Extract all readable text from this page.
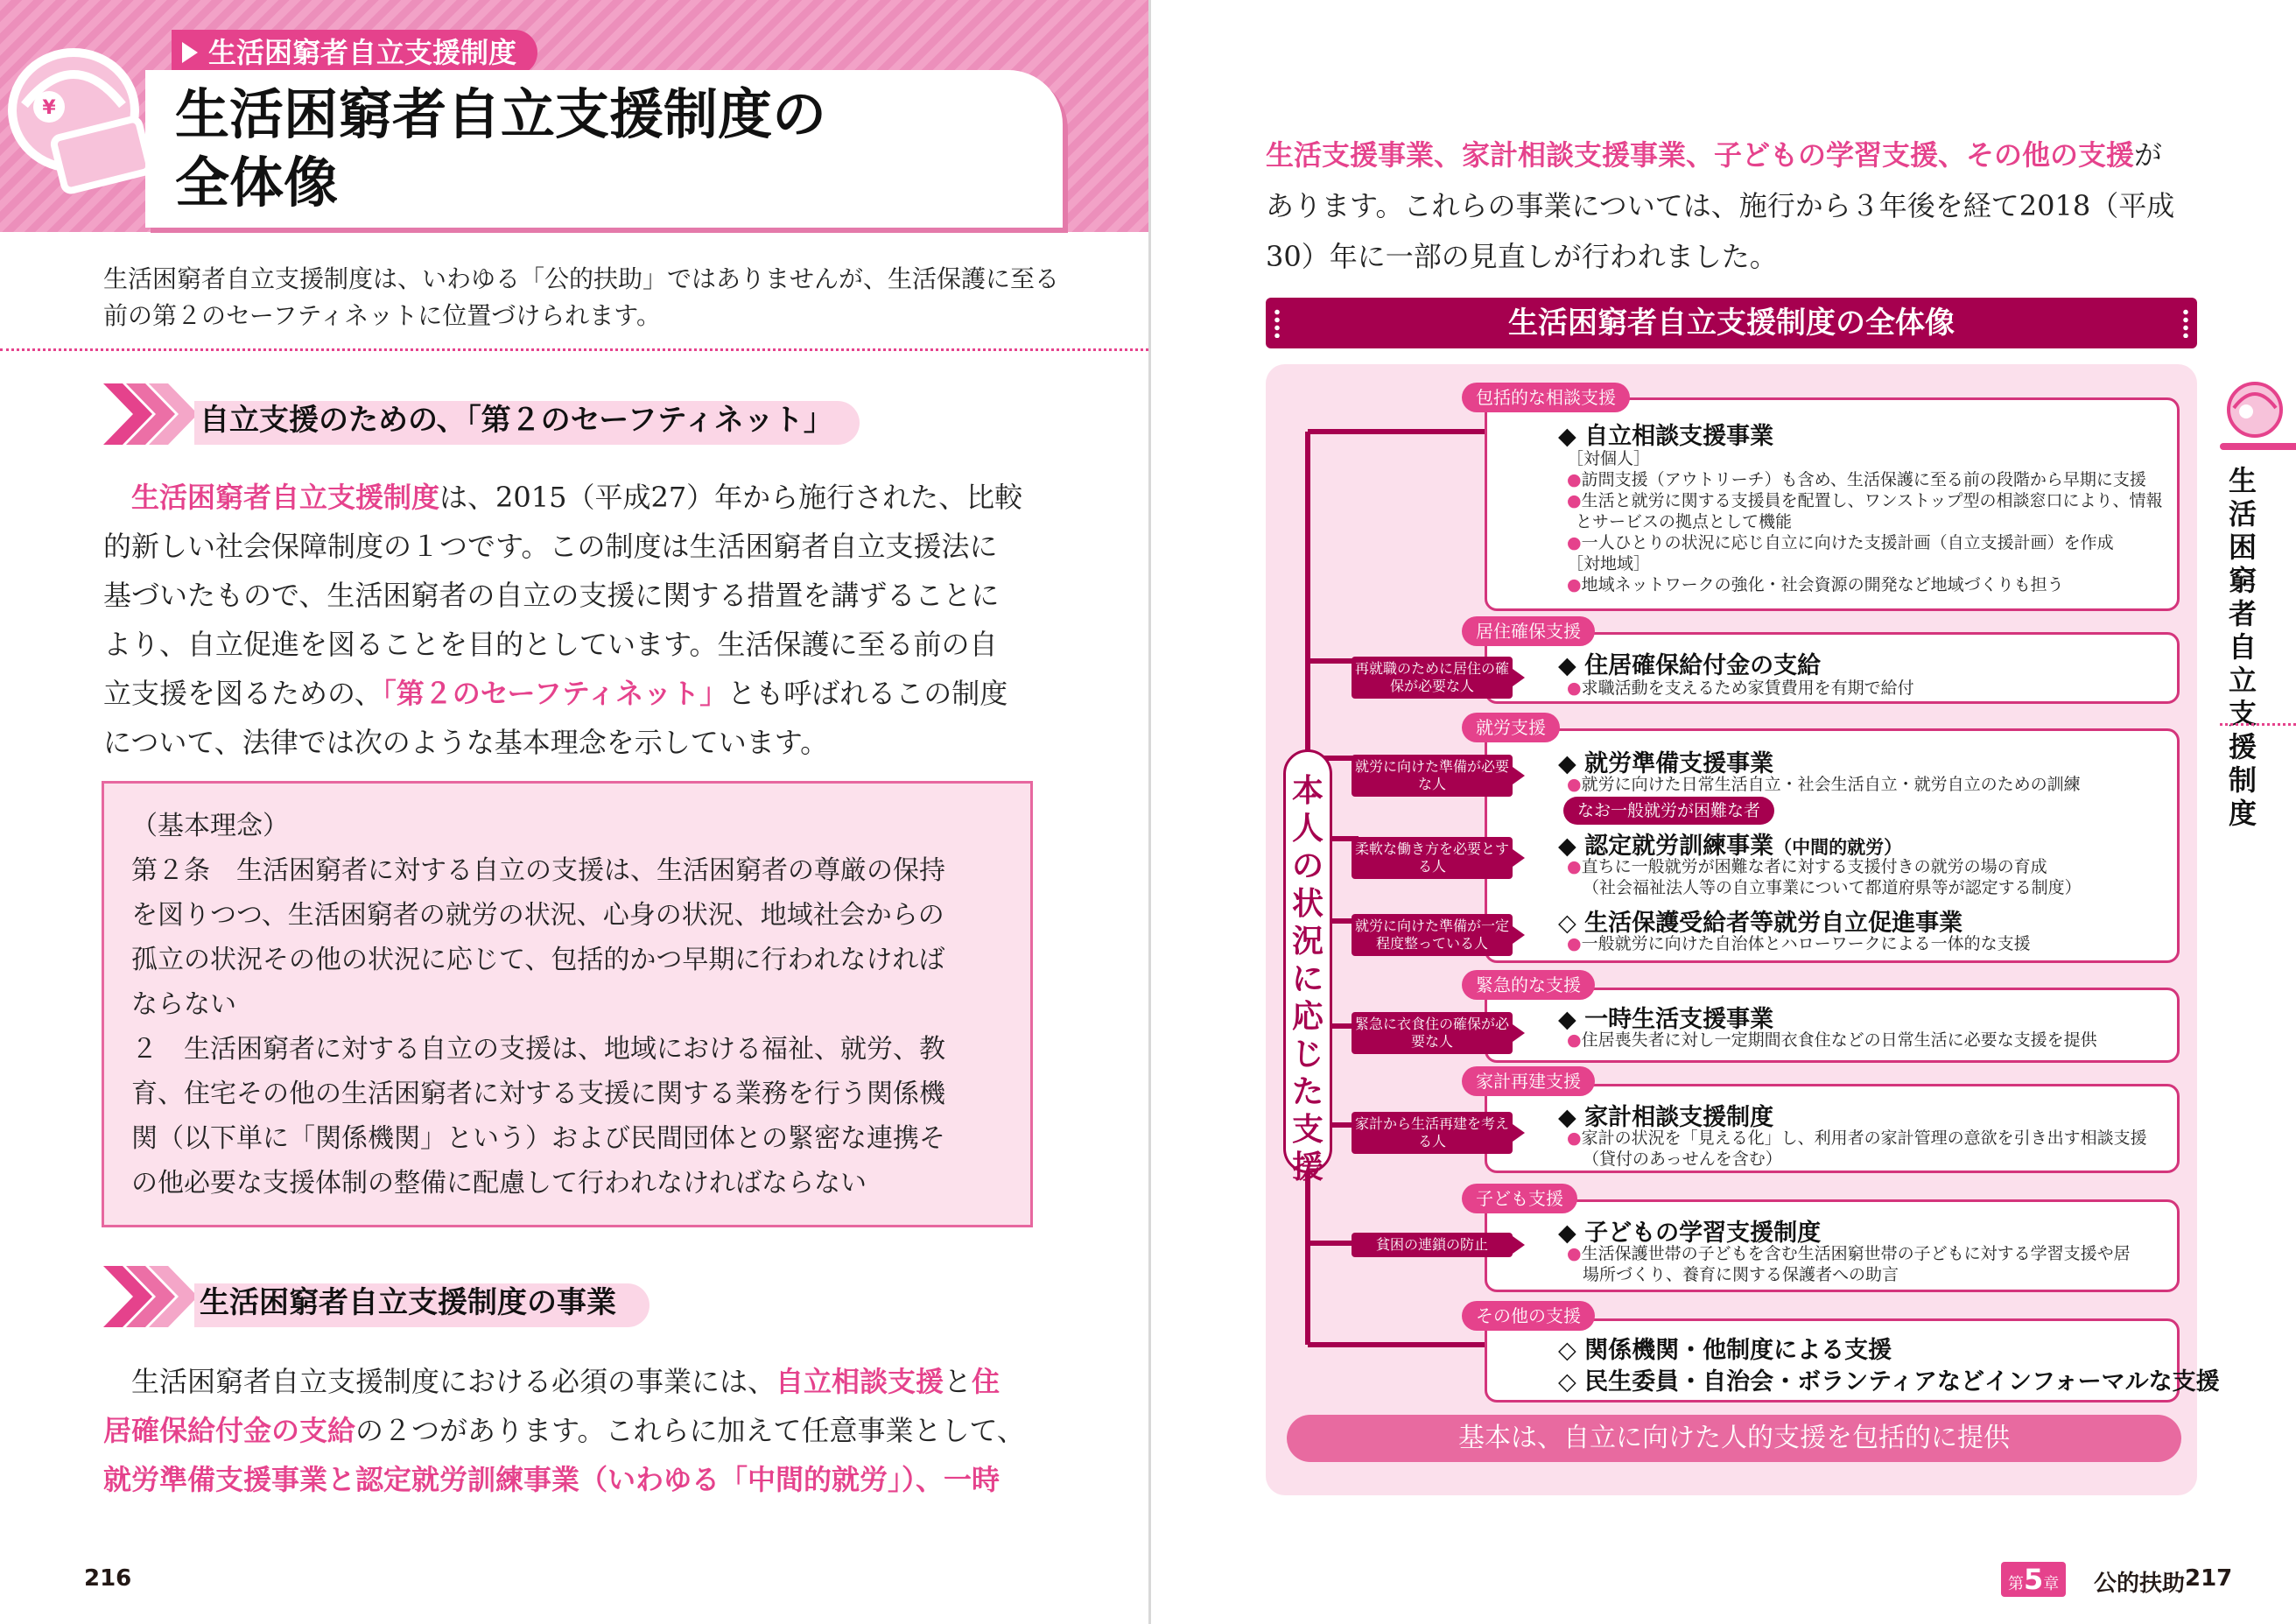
¥
生活困窮者自立支援制度
生活困窮者自立支援制度の
全体像
生活困窮者自立支援制度は、いわゆる「公的扶助」ではありませんが、生活保護に至る
前の第２のセーフティネットに位置づけられます。
自立支援のための、「第２のセーフティネット」
生活困窮者自立支援制度は、2015（平成27）年から施行された、比較
的新しい社会保障制度の１つです。この制度は生活困窮者自立支援法に
基づいたもので、生活困窮者の自立の支援に関する措置を講ずることに
より、自立促進を図ることを目的としています。生活保護に至る前の自
立支援を図るための、「第２のセーフティネット」とも呼ばれるこの制度
について、法律では次のような基本理念を示しています。
（基本理念）
第２条　生活困窮者に対する自立の支援は、生活困窮者の尊厳の保持
を図りつつ、生活困窮者の就労の状況、心身の状況、地域社会からの
孤立の状況その他の状況に応じて、包括的かつ早期に行われなければ
ならない
２　生活困窮者に対する自立の支援は、地域における福祉、就労、教
育、住宅その他の生活困窮者に対する支援に関する業務を行う関係機
関（以下単に「関係機関」という）および民間団体との緊密な連携そ
の他必要な支援体制の整備に配慮して行われなければならない
生活困窮者自立支援制度の事業
生活困窮者自立支援制度における必須の事業には、自立相談支援と住
居確保給付金の支給の２つがあります。これらに加えて任意事業として、
就労準備支援事業と認定就労訓練事業（いわゆる「中間的就労」）、一時
216
生活支援事業、家計相談支援事業、子どもの学習支援、その他の支援が
あります。これらの事業については、施行から３年後を経て2018（平成
30）年に一部の見直しが行われました。
生活困窮者自立支援制度の全体像
包括的な相談支援
◆ 自立相談支援事業
［対個人］
●訪問支援（アウトリーチ）も含め、生活保護に至る前の段階から早期に支援
●生活と就労に関する支援員を配置し、ワンストップ型の相談窓口により、情報
とサービスの拠点として機能
●一人ひとりの状況に応じ自立に向けた支援計画（自立支援計画）を作成
［対地域］
●地域ネットワークの強化・社会資源の開発など地域づくりも担う
居住確保支援
再就職のために居住の確保が必要な人
◆ 住居確保給付金の支給
●求職活動を支えるため家賃費用を有期で給付
就労支援
就労に向けた準備が必要な人
◆ 就労準備支援事業
●就労に向けた日常生活自立・社会生活自立・就労自立のための訓練
なお一般就労が困難な者
柔軟な働き方を必要とする人
◆ 認定就労訓練事業（中間的就労）
●直ちに一般就労が困難な者に対する支援付きの就労の場の育成
（社会福祉法人等の自立事業について都道府県等が認定する制度）
就労に向けた準備が一定程度整っている人
◇ 生活保護受給者等就労自立促進事業
●一般就労に向けた自治体とハローワークによる一体的な支援
緊急的な支援
緊急に衣食住の確保が必要な人
◆ 一時生活支援事業
●住居喪失者に対し一定期間衣食住などの日常生活に必要な支援を提供
家計再建支援
家計から生活再建を考える人
◆ 家計相談支援制度
●家計の状況を「見える化」し、利用者の家計管理の意欲を引き出す相談支援
（貸付のあっせんを含む）
子ども支援
貧困の連鎖の防止	◆ 子どもの学習支援制度
●生活保護世帯の子どもを含む生活困窮世帯の子どもに対する学習支援や居
場所づくり、養育に関する保護者への助言
その他の支援
◇ 関係機関・他制度による支援
◇ 民生委員・自治会・ボランティアなどインフォーマルな支援
本人の状況に応じた支援
基本は、自立に向けた人的支援を包括的に提供
生活困窮者自立支援制度
第5章	公的扶助 217
